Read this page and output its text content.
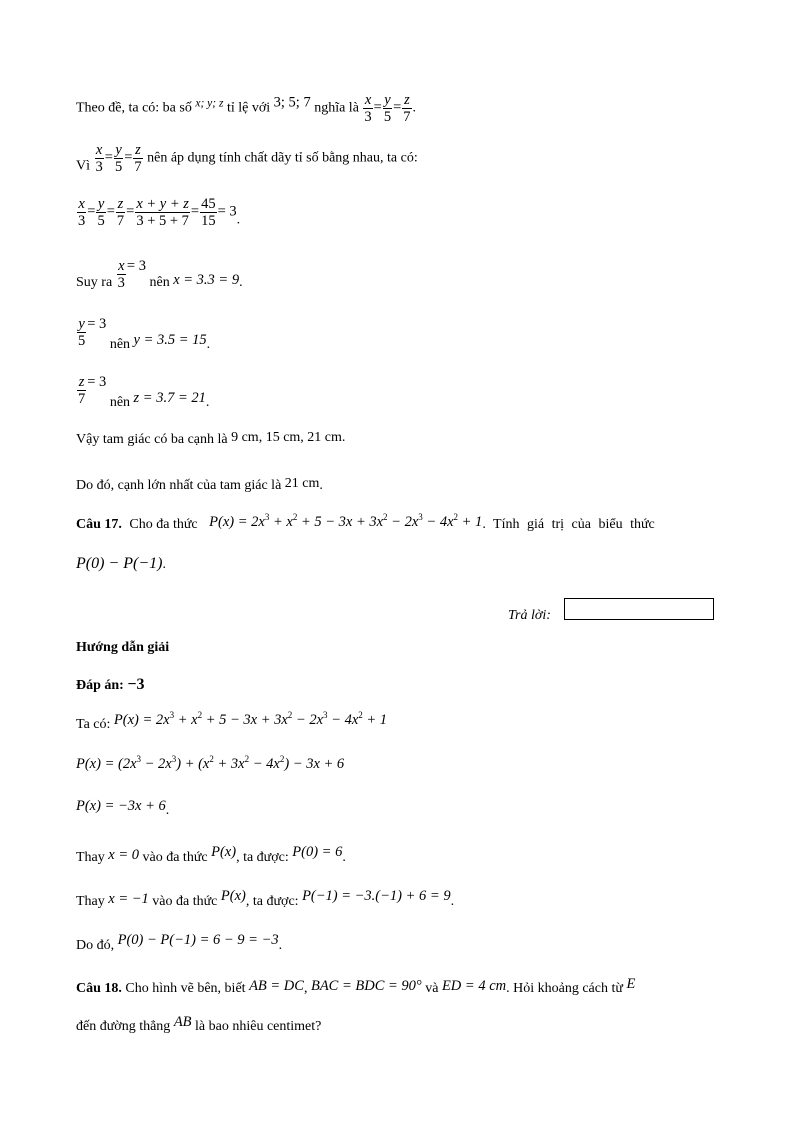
Theo đề, ta có: ba số $^{x; y; z}$ tỉ lệ với 3; 5; 7 nghĩa là $\frac{x}{3} = \frac{y}{5} = \frac{z}{7}$ .
Vì $\frac{x}{3} = \frac{y}{5} = \frac{z}{7}$ nên áp dụng tính chất dãy tỉ số bằng nhau, ta có:
$\frac{x}{3} = \frac{y}{5} = \frac{z}{7} = \frac{x + y + z}{3 + 5 + 7} = \frac{45}{15} = 3$.
Suy ra $\frac{x}{3} = 3$ nên x = 3.3 = 9.
$\frac{y}{5} = 3$ nên y = 3.5 = 15.
$\frac{z}{7} = 3$ nên z = 3.7 = 21.
Vậy tam giác có ba cạnh là 9 cm, 15 cm, 21 cm.
Do đó, cạnh lớn nhất của tam giác là 21 cm.
Câu 17. Cho đa thức $P(x) = 2x^3 + x^2 + 5 - 3x + 3x^2 - 2x^3 - 4x^2 + 1$. Tính giá trị của biểu thức
P(0) − P(−1).
Trả lời:
Hướng dẫn giải
Đáp án: −3
Ta có: $P(x) = 2x^3 + x^2 + 5 - 3x + 3x^2 - 2x^3 - 4x^2 + 1$
$P(x) = (2x^3 - 2x^3) + (x^2 + 3x^2 - 4x^2) - 3x + 6$
P(x) = −3x + 6.
Thay x = 0 vào đa thức P(x), ta được: P(0) = 6.
Thay x = −1 vào đa thức P(x), ta được: P(−1) = −3.(−1) + 6 = 9.
Do đó, P(0) − P(−1) = 6 − 9 = −3.
Câu 18. Cho hình vẽ bên, biết AB = DC, BAC = BDC = 90° và ED = 4 cm. Hỏi khoảng cách từ E
đến đường thẳng AB là bao nhiêu centimet?
